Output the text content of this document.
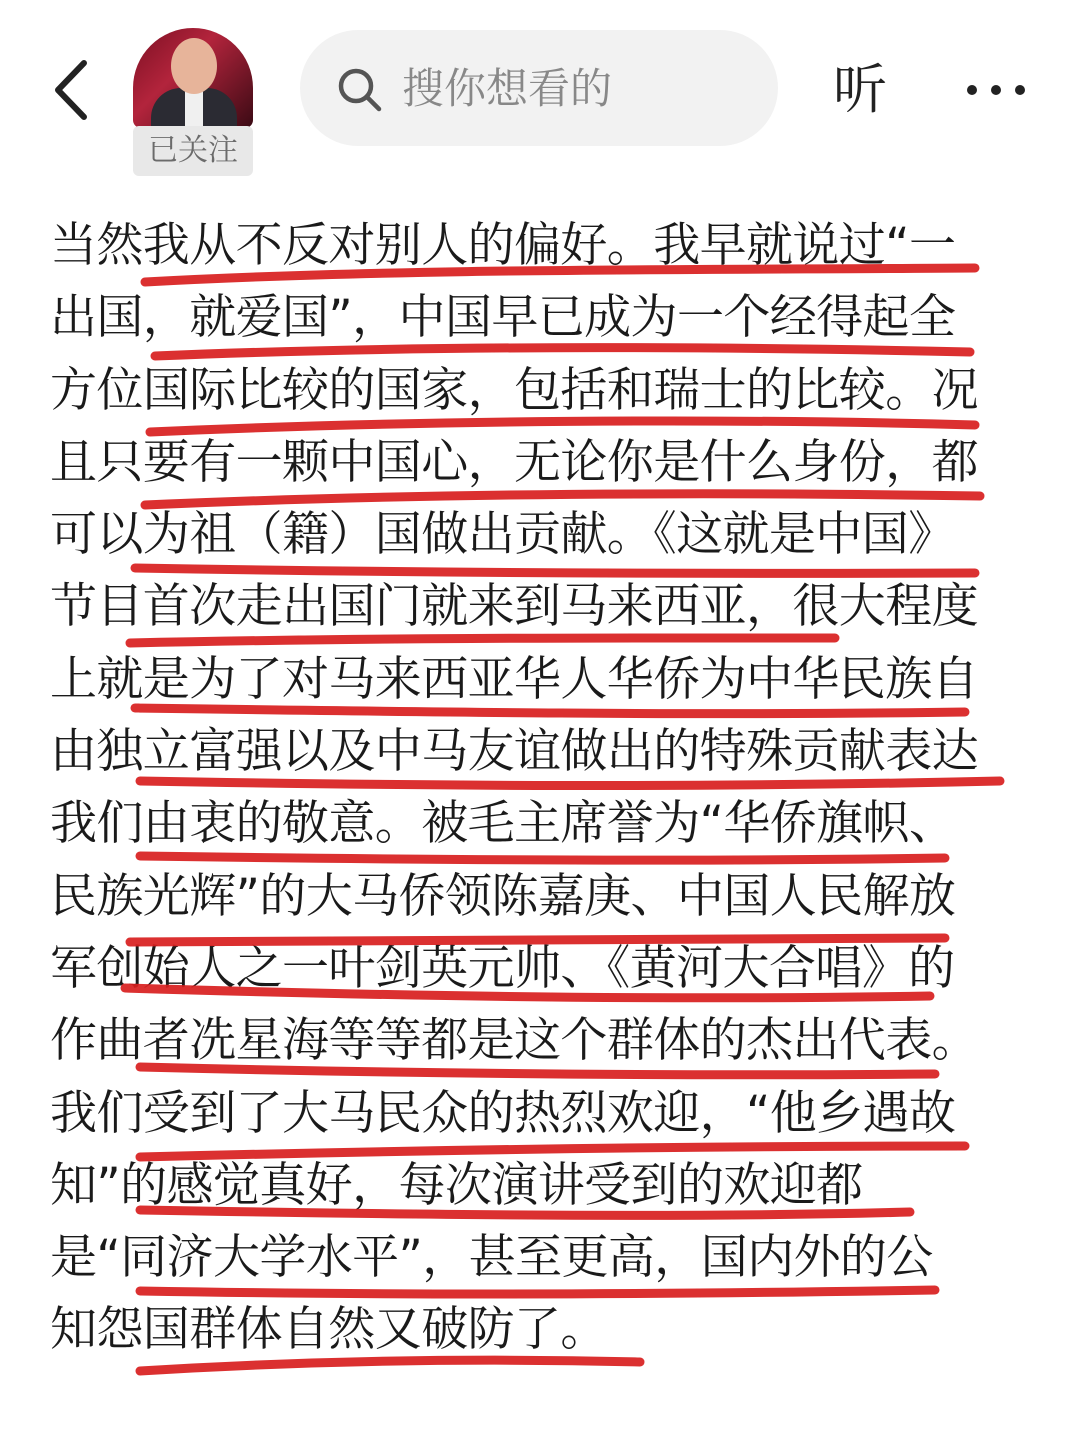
已关注
搜你想看的	听
当然我从不反对别人的偏好。我早就说过“一
出国，就爱国”，中国早已成为一个经得起全
方位国际比较的国家，包括和瑞士的比较。况
且只要有一颗中国心，无论你是什么身份，都
可以为祖（籍）国做出贡献。《这就是中国》
节目首次走出国门就来到马来西亚，很大程度
上就是为了对马来西亚华人华侨为中华民族自
由独立富强以及中马友谊做出的特殊贡献表达
我们由衷的敬意。被毛主席誉为“华侨旗帜、
民族光辉”的大马侨领陈嘉庚、中国人民解放
军创始人之一叶剑英元帅、《黄河大合唱》的
作曲者冼星海等等都是这个群体的杰出代表。
我们受到了大马民众的热烈欢迎，“他乡遇故
知”的感觉真好，每次演讲受到的欢迎都
是“同济大学水平”，甚至更高，国内外的公
知怨国群体自然又破防了。
